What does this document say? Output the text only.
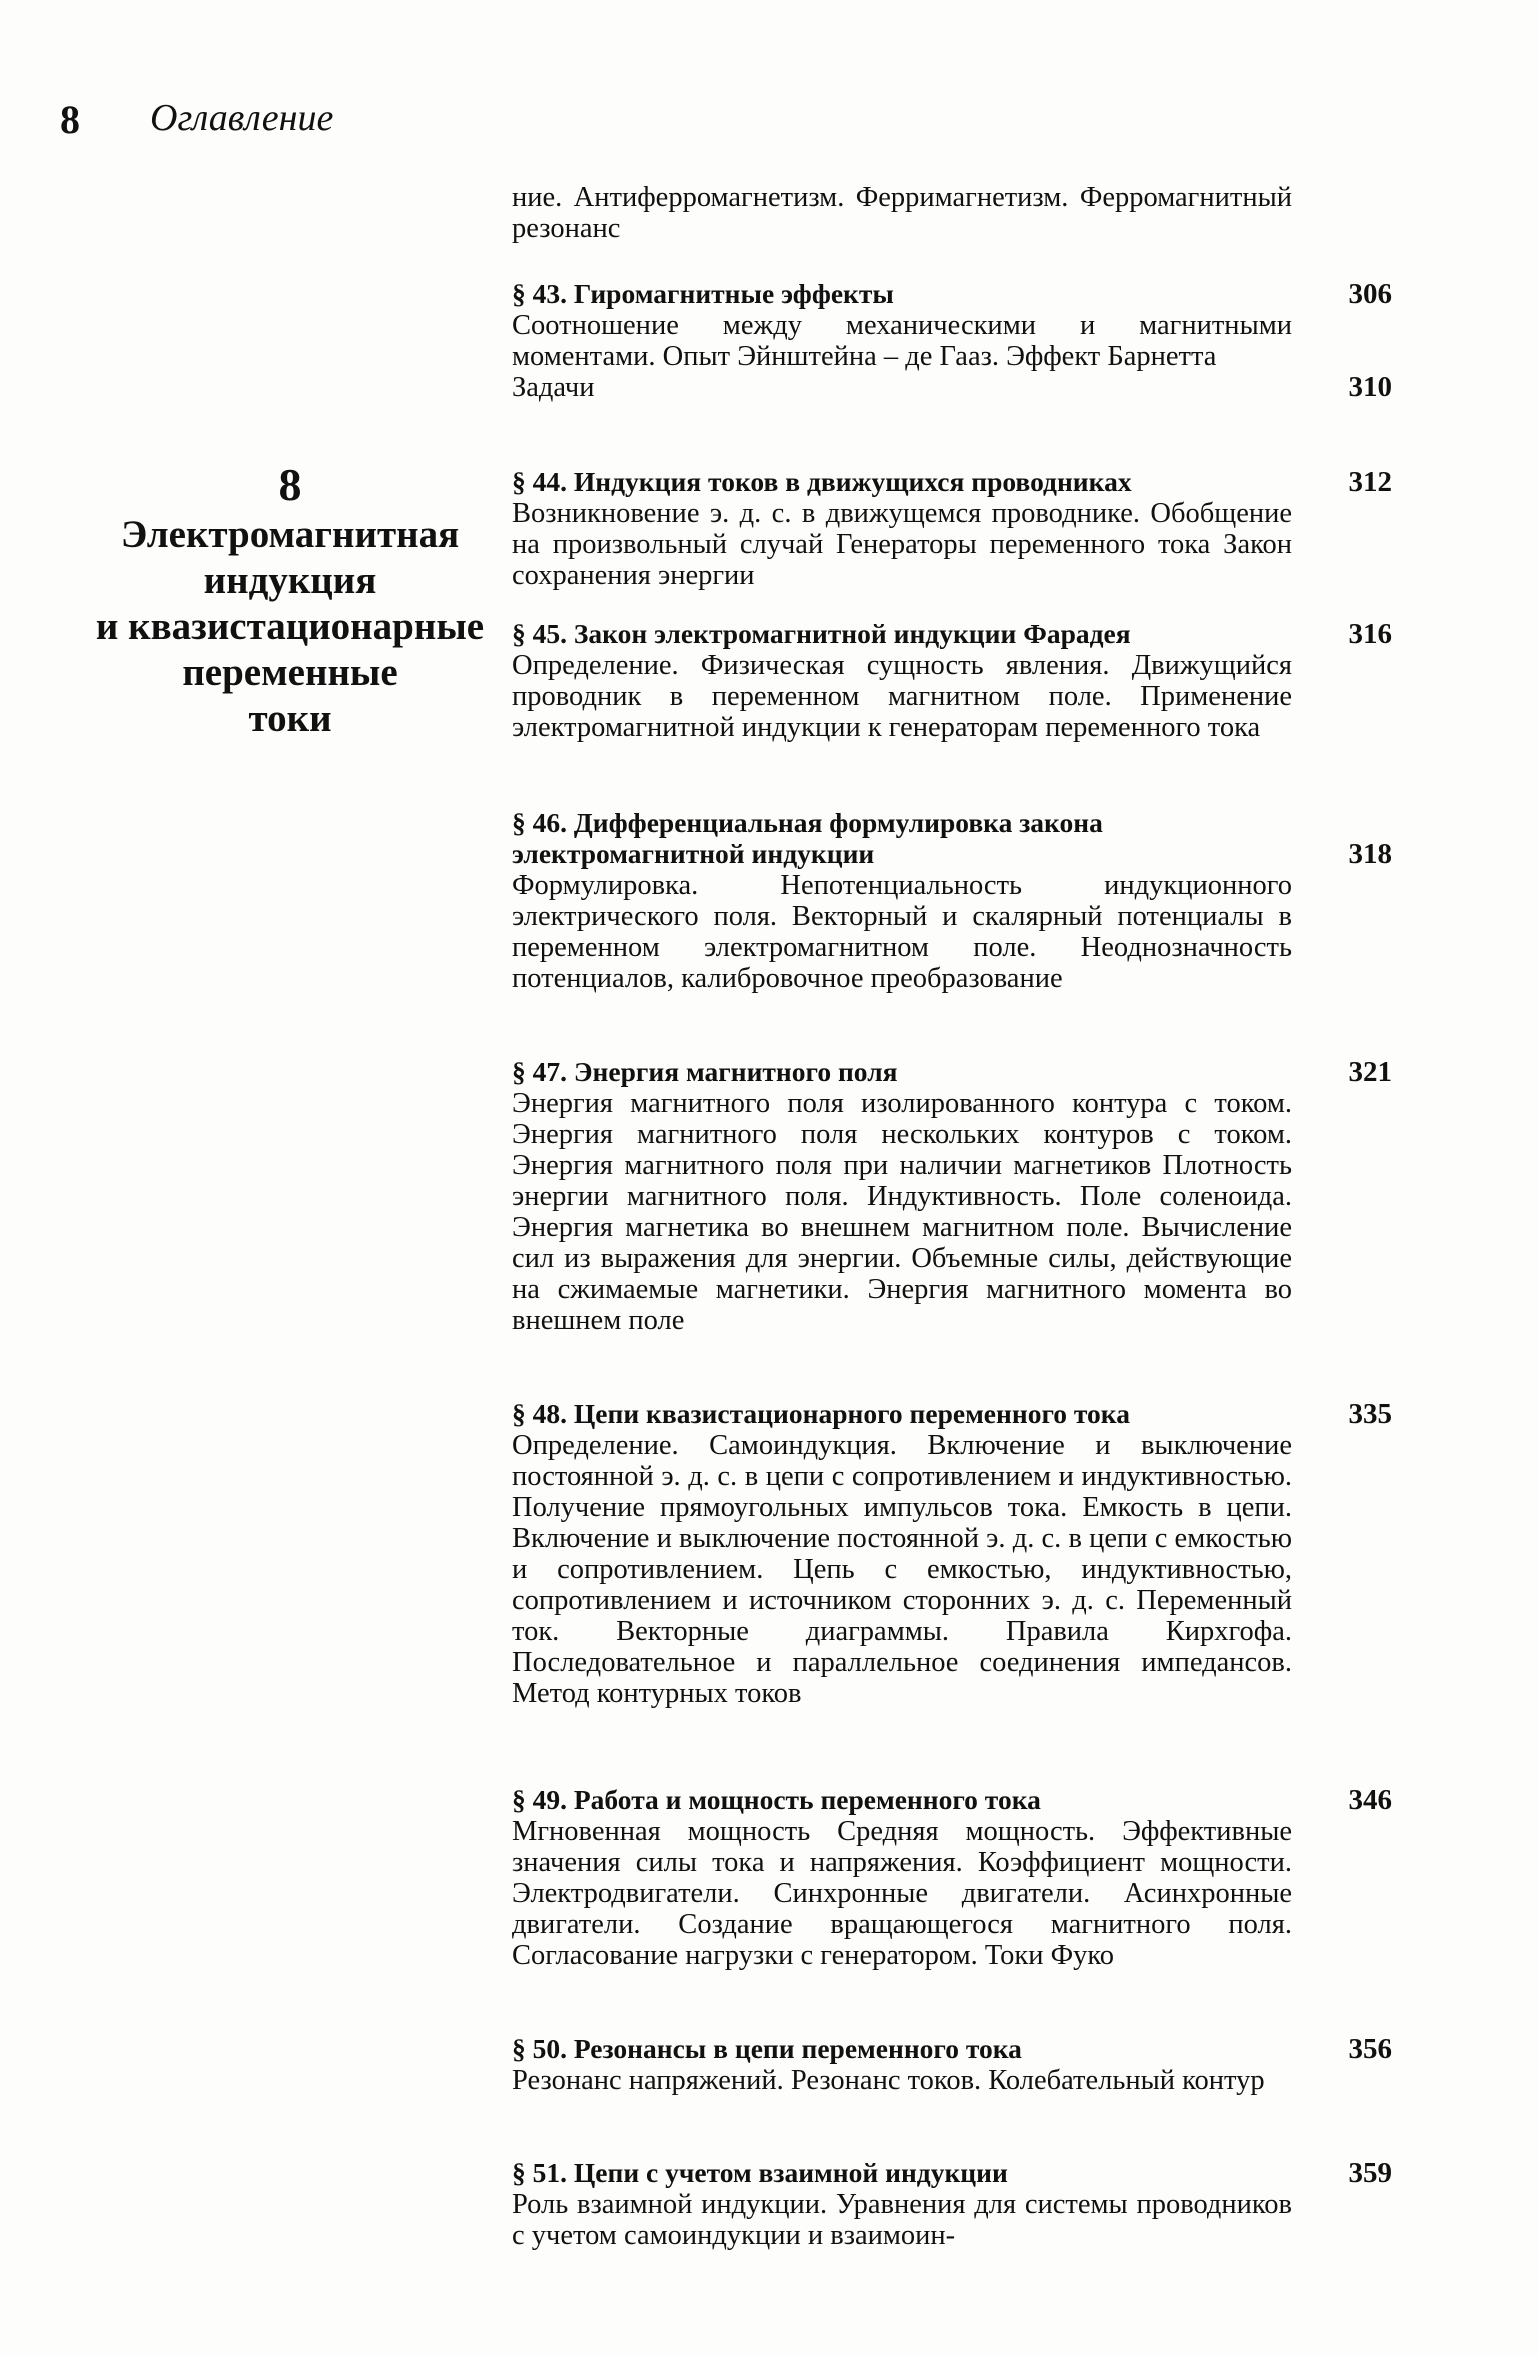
8 Оглавление
ние. Антиферромагнетизм. Ферримагнетизм. Ферромагнитный резонанс
8
Электромагнитная
индукция
и квазистационарные
переменные
токи
§ 43. Гиромагнитные эффекты	306
Соотношение между механическими и магнитными моментами. Опыт Эйнштейна – де Гааз. Эффект Барнетта
Задачи	310
§ 44. Индукция токов в движущихся проводниках	312
Возникновение э. д. с. в движущемся проводнике. Обобщение на произвольный случай Генераторы переменного тока Закон сохранения энергии
§ 45. Закон электромагнитной индукции Фарадея	316
Определение. Физическая сущность явления. Движущийся проводник в переменном магнитном поле. Применение электромагнитной индукции к генераторам переменного тока
§ 46. Дифференциальная формулировка закона электромагнитной индукции	318
Формулировка. Непотенциальность индукционного электрического поля. Векторный и скалярный потенциалы в переменном электромагнитном поле. Неоднозначность потенциалов, калибровочное преобразование
§ 47. Энергия магнитного поля	321
Энергия магнитного поля изолированного контура с током. Энергия магнитного поля нескольких контуров с током. Энергия магнитного поля при наличии магнетиков Плотность энергии магнитного поля. Индуктивность. Поле соленоида. Энергия магнетика во внешнем магнитном поле. Вычисление сил из выражения для энергии. Объемные силы, действующие на сжимаемые магнетики. Энергия магнитного момента во внешнем поле
§ 48. Цепи квазистационарного переменного тока	335
Определение. Самоиндукция. Включение и выключение постоянной э. д. с. в цепи с сопротивлением и индуктивностью. Получение прямоугольных импульсов тока. Емкость в цепи. Включение и выключение постоянной э. д. с. в цепи с емкостью и сопротивлением. Цепь с емкостью, индуктивностью, сопротивлением и источником сторонних э. д. с. Переменный ток. Векторные диаграммы. Правила Кирхгофа. Последовательное и параллельное соединения импедансов. Метод контурных токов
§ 49. Работа и мощность переменного тока	346
Мгновенная мощность Средняя мощность. Эффективные значения силы тока и напряжения. Коэффициент мощности. Электродвигатели. Синхронные двигатели. Асинхронные двигатели. Создание вращающегося магнитного поля. Согласование нагрузки с генератором. Токи Фуко
§ 50. Резонансы в цепи переменного тока	356
Резонанс напряжений. Резонанс токов. Колебательный контур
§ 51. Цепи с учетом взаимной индукции	359
Роль взаимной индукции. Уравнения для системы проводников с учетом самоиндукции и взаимоин-
